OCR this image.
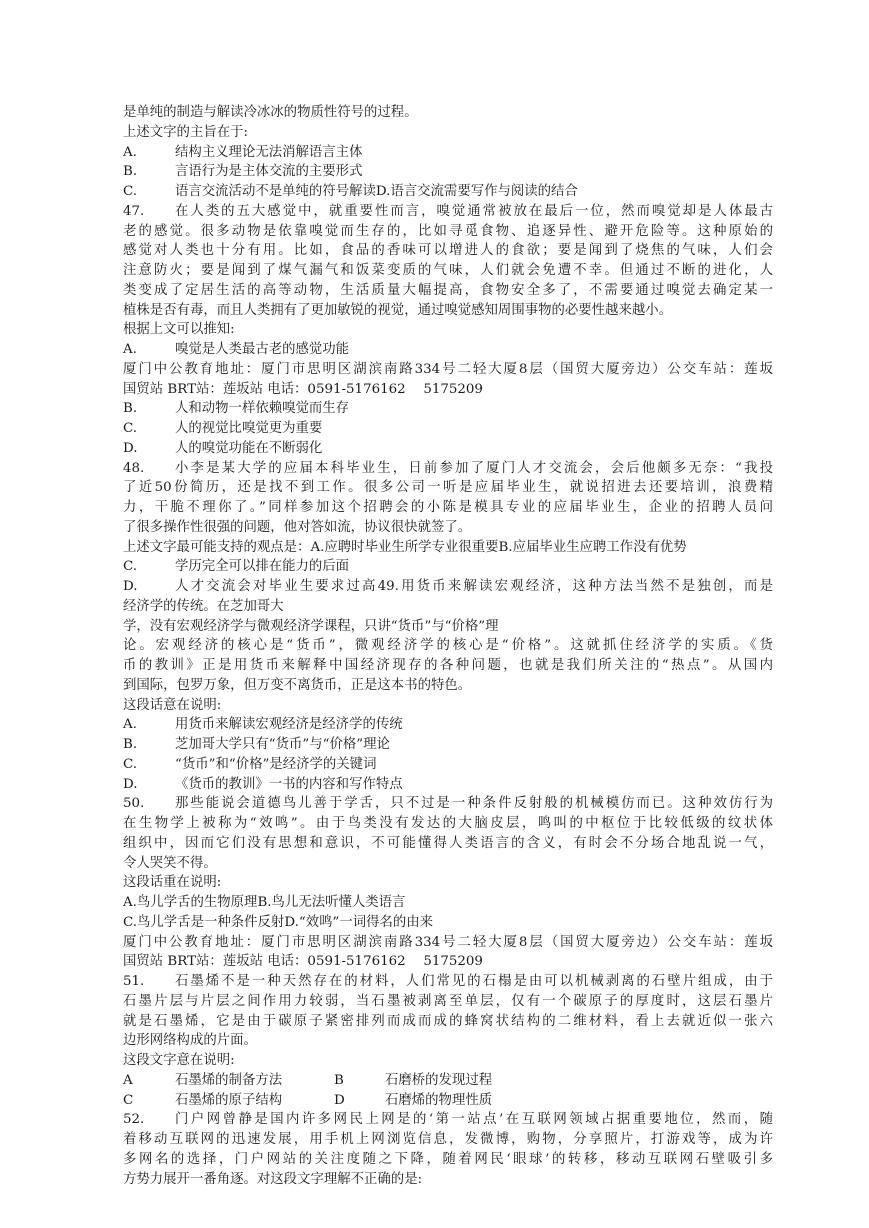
是单纯的制造与解读冷冰冰的物质性符号的过程。
上述文字的主旨在于:
A.	结构主义理论无法消解语言主体
B.	言语行为是主体交流的主要形式
C.	语言交流活动不是单纯的符号解读D.语言交流需要写作与阅读的结合
47.	在人类的五大感觉中，就重要性而言，嗅觉通常被放在最后一位，然而嗅觉却是人体最古
老的感觉。很多动物是依靠嗅觉而生存的，比如寻觅食物、追逐异性、避开危险等。这种原始的
感觉对人类也十分有用。比如，食品的香味可以增进人的食欲；要是闻到了烧焦的气味，人们会
注意防火；要是闻到了煤气漏气和饭菜变质的气味，人们就会免遭不幸。但通过不断的进化，人
类变成了定居生活的高等动物，生活质量大幅提高，食物安全多了，不需要通过嗅觉去确定某一
植株是否有毒，而且人类拥有了更加敏锐的视觉，通过嗅觉感知周围事物的必要性越来越小。
根据上文可以推知:
A.	嗅觉是人类最古老的感觉功能
厦门中公教育地址：厦门市思明区湖滨南路334号二轻大厦8层（国贸大厦旁边）公交车站：莲坂
国贸站 BRT站：莲坂站 电话：0591-5176162　 5175209
B.	人和动物一样依赖嗅觉而生存
C.	人的视觉比嗅觉更为重要
D.	人的嗅觉功能在不断弱化
48.	小李是某大学的应届本科毕业生，日前参加了厦门人才交流会，会后他颇多无奈：“我投
了近50份简历，还是找不到工作。很多公司一听是应届毕业生，就说招进去还要培训，浪费精
力，干脆不理你了。”同样参加这个招聘会的小陈是模具专业的应届毕业生，企业的招聘人员问
了很多操作性很强的问题，他对答如流，协议很快就签了。
上述文字最可能支持的观点是：A.应聘时毕业生所学专业很重要B.应届毕业生应聘工作没有优势
C.	学历完全可以排在能力的后面
D.	人才交流会对毕业生要求过高49.用货币来解读宏观经济，这种方法当然不是独创，而是
经济学的传统。在芝加哥大
学，没有宏观经济学与微观经济学课程，只讲“货币”与“价格”理
论。宏观经济的核心是“货币”，微观经济学的核心是“价格”。这就抓住经济学的实质。《货
币的教训》正是用货币来解释中国经济现存的各种问题，也就是我们所关注的“热点”。从国内
到国际，包罗万象，但万变不离货币，正是这本书的特色。
这段话意在说明:
A.	用货币来解读宏观经济是经济学的传统
B.	芝加哥大学只有“货币”与“价格”理论
C.	“货币”和“价格”是经济学的关键词
D.	《货币的教训》一书的内容和写作特点
50.	那些能说会道德鸟儿善于学舌，只不过是一种条件反射般的机械模仿而已。这种效仿行为
在生物学上被称为“效鸣”。由于鸟类没有发达的大脑皮层，鸣叫的中枢位于比较低级的纹状体
组织中，因而它们没有思想和意识，不可能懂得人类语言的含义，有时会不分场合地乱说一气，
令人哭笑不得。
这段话重在说明:
A.鸟儿学舌的生物原理B.鸟儿无法听懂人类语言
C.鸟儿学舌是一种条件反射D.“效鸣”一词得名的由来
厦门中公教育地址：厦门市思明区湖滨南路334号二轻大厦8层（国贸大厦旁边）公交车站：莲坂
国贸站 BRT站：莲坂站 电话：0591-5176162　 5175209
51.	石墨烯不是一种天然存在的材料，人们常见的石榻是由可以机械剥离的石壁片组成，由于
石墨片层与片层之间作用力较弱，当石墨被剥离至单层，仅有一个碳原子的厚度时，这层石墨片
就是石墨烯，它是由于碳原子紧密排列而成而成的蜂窝状结构的二维材料，看上去就近似一张六
边形网络构成的片面。
这段文字意在说明:
A	石墨烯的制备方法	B	石磨桥的发现过程
C	石墨烯的原子结构	D	石磨烯的物理性质
52.	门户网曾静是国内许多网民上网是的‘第一站点’在互联网领域占据重要地位，然而，随
着移动互联网的迅速发展，用手机上网浏览信息，发微博，购物，分享照片，打游戏等，成为许
多网名的选择，门户网站的关注度随之下降，随着网民‘眼球’的转移，移动互联网石壁吸引多
方势力展开一番角逐。对这段文字理解不正确的是:
